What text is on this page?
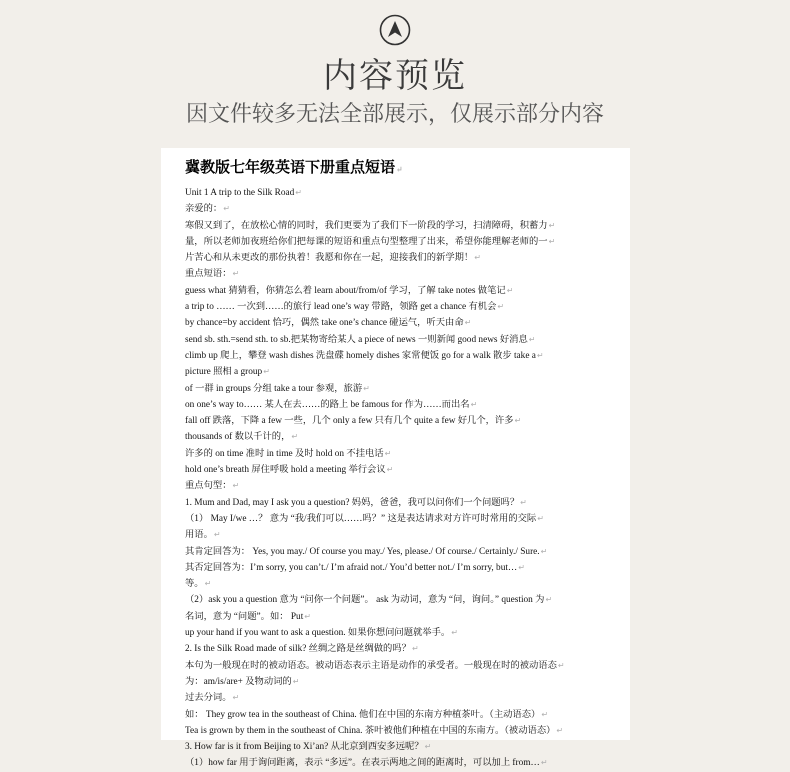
内容预览
因文件较多无法全部展示，仅展示部分内容
冀教版七年级英语下册重点短语↵
Unit 1 A trip to the Silk Road↵
亲爱的：↵
寒假又到了，在放松心情的同时，我们更要为了我们下一阶段的学习，扫清障碍，积蓄力↵
量，所以老师加夜班给你们把每课的短语和重点句型整理了出来，希望你能理解老师的一↵
片苦心和从未更改的那份执着！我愿和你在一起，迎接我们的新学期！↵
重点短语：↵
guess what 猜猜看，你猜怎么着 learn about/from/of 学习，了解 take notes 做笔记↵
a trip to …… 一次到……的旅行 lead one’s way 带路，领路 get a chance 有机会↵
by chance=by accident 恰巧，偶然 take one’s chance 碰运气，听天由命↵
send sb. sth.=send sth. to sb.把某物寄给某人 a piece of news 一则新闻 good news 好消息↵
climb up 爬上，攀登 wash dishes 洗盘碟 homely dishes 家常便饭 go for a walk 散步 take a↵
picture 照相 a group↵
of 一群 in groups 分组 take a tour 参观，旅游↵
on one’s way to…… 某人在去……的路上 be famous for 作为……而出名↵
fall off 跌落，下降 a few 一些，几个 only a few 只有几个 quite a few 好几个，许多↵
thousands of 数以千计的，↵
许多的 on time 准时 in time 及时 hold on 不挂电话↵
hold one’s breath 屏住呼吸 hold a meeting 举行会议↵
重点句型：↵
1. Mum and Dad, may I ask you a question? 妈妈，爸爸，我可以问你们一个问题吗？↵
（1） May I/we …？ 意为 “我/我们可以……吗？” 这是表达请求对方许可时常用的交际↵
用语。↵
其肯定回答为： Yes, you may./ Of course you may./ Yes, please./ Of course./ Certainly./ Sure.↵
其否定回答为：I’m sorry, you can’t./ I’m afraid not./ You’d better not./ I’m sorry, but…↵
等。↵
（2）ask you a question 意为 “问你一个问题”。 ask 为动词，意为 “问，询问。” question 为↵
名词，意为 “问题”。如： Put↵
up your hand if you want to ask a question. 如果你想问问题就举手。↵
2. Is the Silk Road made of silk? 丝绸之路是丝绸做的吗？↵
本句为一般现在时的被动语态。被动语态表示主语是动作的承受者。一般现在时的被动语态↵
为：am/is/are+ 及物动词的↵
过去分词。↵
如： They grow tea in the southeast of China. 他们在中国的东南方种植茶叶。（主动语态）↵
Tea is grown by them in the southeast of China. 茶叶被他们种植在中国的东南方。（被动语态）↵
3. How far is it from Beijing to Xi’an? 从北京到西安多远呢？↵
（1）how far 用于询问距离，表示 “多远”。在表示两地之间的距离时，可以加上 from…↵
